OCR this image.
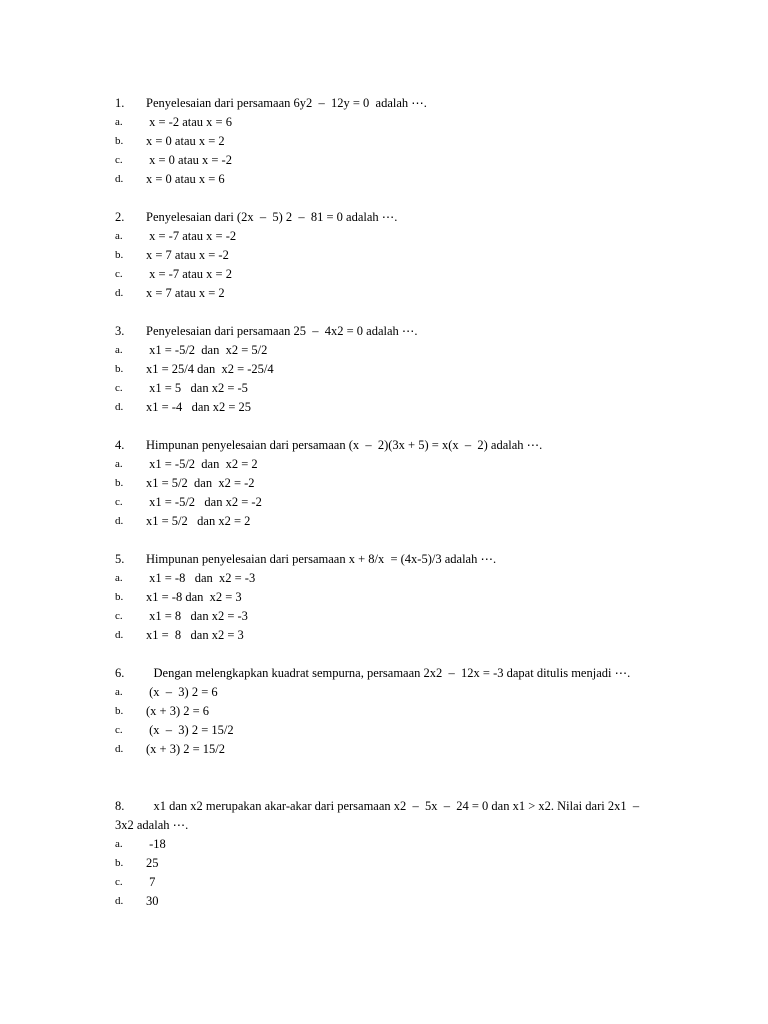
1.	Penyelesaian dari persamaan 6y2  –  12y = 0  adalah ⋯.
a.	x = -2 atau x = 6
b.	x = 0 atau x = 2
c.	x = 0 atau x = -2
d.	x = 0 atau x = 6
2.	Penyelesaian dari (2x  –  5) 2  –  81 = 0 adalah ⋯.
a.	x = -7 atau x = -2
b.	x = 7 atau x = -2
c.	x = -7 atau x = 2
d.	x = 7 atau x = 2
3.	Penyelesaian dari persamaan 25  –  4x2 = 0 adalah ⋯.
a.	x1 = -5/2  dan  x2 = 5/2
b.	x1 = 25/4 dan  x2 = -25/4
c.	x1 = 5   dan x2 = -5
d.	x1 = -4   dan x2 = 25
4.	Himpunan penyelesaian dari persamaan (x  –  2)(3x + 5) = x(x  –  2) adalah ⋯.
a.	x1 = -5/2  dan  x2 = 2
b.	x1 = 5/2  dan  x2 = -2
c.	x1 = -5/2   dan x2 = -2
d.	x1 = 5/2   dan x2 = 2
5.	Himpunan penyelesaian dari persamaan x + 8/x  = (4x-5)/3 adalah ⋯.
a.	x1 = -8   dan  x2 = -3
b.	x1 = -8 dan  x2 = 3
c.	x1 = 8   dan x2 = -3
d.	x1 =  8   dan x2 = 3
6. Dengan melengkapkan kuadrat sempurna, persamaan 2x2  –  12x = -3 dapat ditulis menjadi ⋯.
a.	(x  –  3) 2 = 6
b.	(x + 3) 2 = 6
c.	(x  –  3) 2 = 15/2
d.	(x + 3) 2 = 15/2
8. x1 dan x2 merupakan akar-akar dari persamaan x2  –  5x  –  24 = 0 dan x1 > x2. Nilai dari 2x1  –  3x2 adalah ⋯.
a.	-18
b.	25
c.	7
d.	30
